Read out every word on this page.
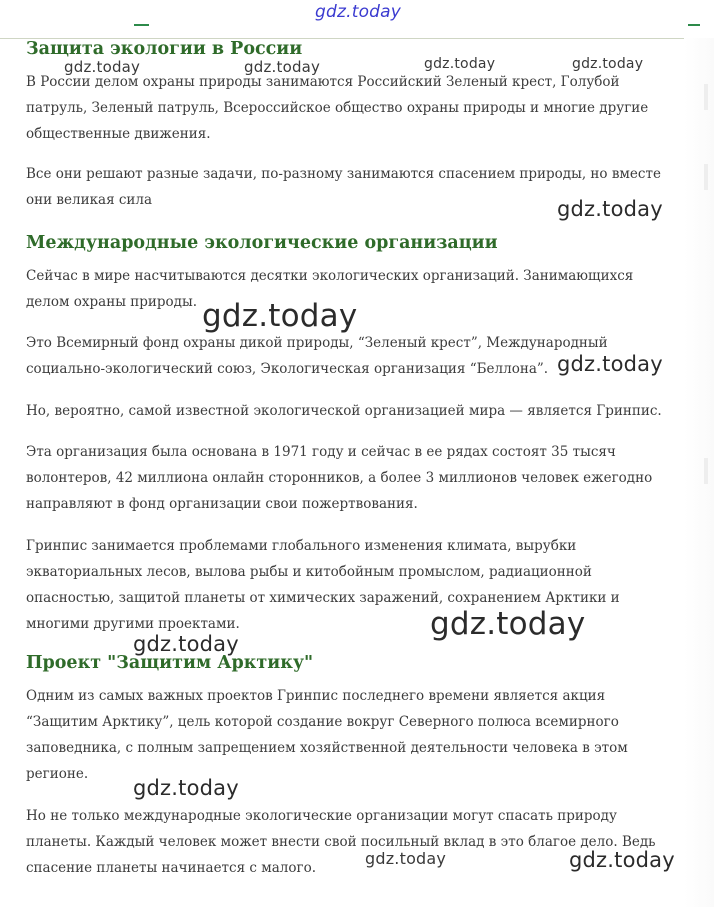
Защита экологии в России

В России делом охраны природы занимаются Российский Зеленый крест, Голубой патруль, Зеленый патруль, Всероссийское общество охраны природы и многие другие общественные движения.

Все они решают разные задачи, по-разному занимаются спасением природы, но вместе они великая сила

Международные экологические организации

Сейчас в мире насчитываются десятки экологических организаций. Занимающихся делом охраны природы.

Это Всемирный фонд охраны дикой природы, “Зеленый крест”, Международный социально-экологический союз, Экологическая организация “Беллона”.

Но, вероятно, самой известной экологической организацией мира — является Гринпис.

Эта организация была основана в 1971 году и сейчас в ее рядах состоят 35 тысяч волонтеров, 42 миллиона онлайн сторонников, а более 3 миллионов человек ежегодно направляют в фонд организации свои пожертвования.

Гринпис занимается проблемами глобального изменения климата, вырубки экваториальных лесов, вылова рыбы и китобойным промыслом, радиационной опасностью, защитой планеты от химических заражений, сохранением Арктики и многими другими проектами.

Проект "Защитим Арктику"

Одним из самых важных проектов Гринпис последнего времени является акция “Защитим Арктику”, цель которой создание вокруг Северного полюса всемирного заповедника, с полным запрещением хозяйственной деятельности человека в этом регионе.

Но не только международные экологические организации могут спасать природу планеты. Каждый человек может внести свой посильный вклад в это благое дело. Ведь спасение планеты начинается с малого.

gdz.today
gdz.today	gdz.today	gdz.today	gdz.today
gdz.today
gdz.today
gdz.today
gdz.today
gdz.today
gdz.today
gdz.today	gdz.today
